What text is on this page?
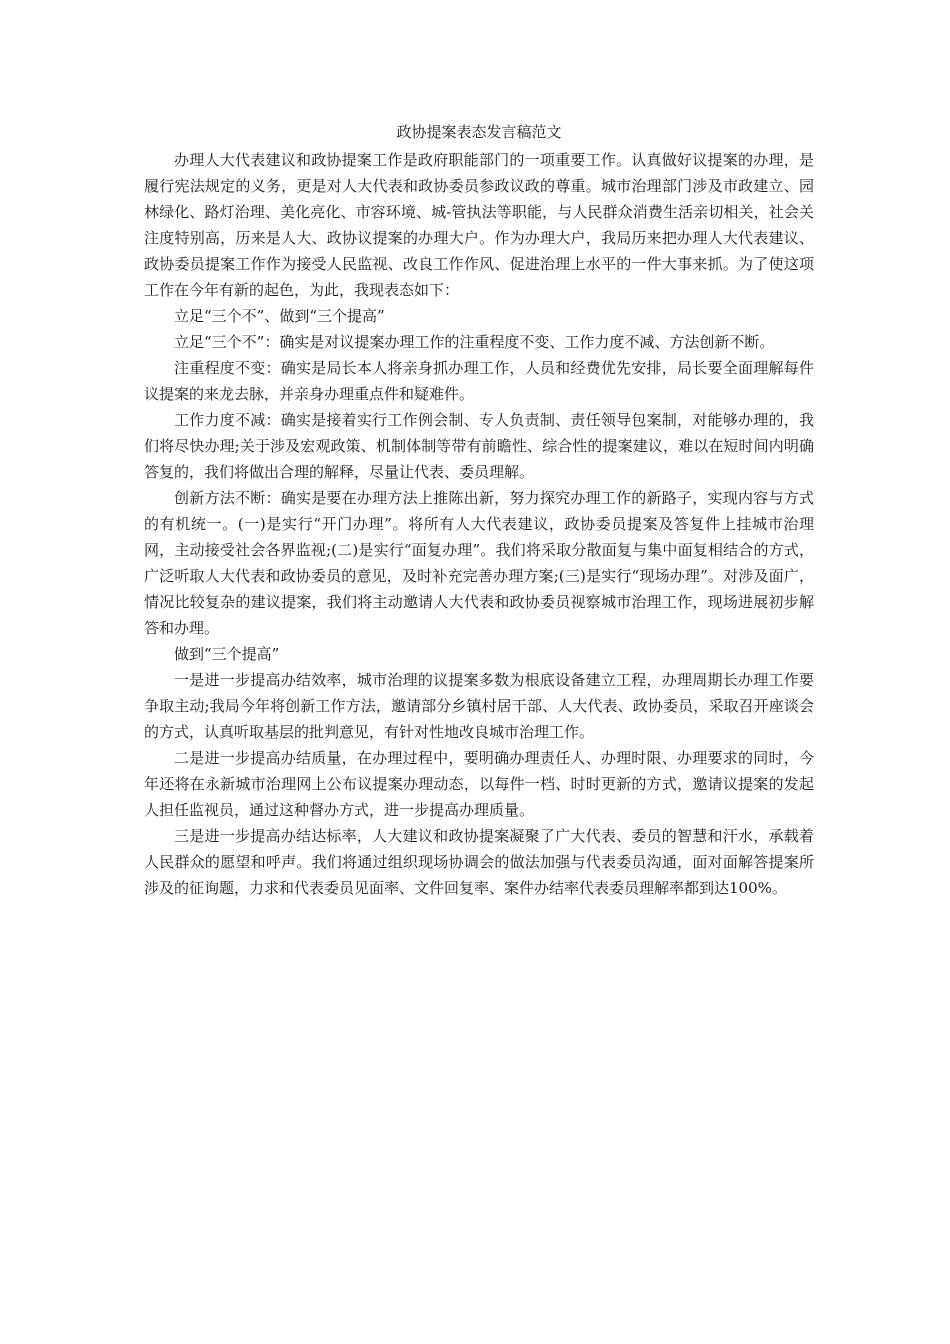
政协提案表态发言稿范文

办理人大代表建议和政协提案工作是政府职能部门的一项重要工作。认真做好议提案的办理，是履行宪法规定的义务，更是对人大代表和政协委员参政议政的尊重。城市治理部门涉及市政建立、园林绿化、路灯治理、美化亮化、市容环境、城-管执法等职能，与人民群众消费生活亲切相关，社会关注度特别高，历来是人大、政协议提案的办理大户。作为办理大户，我局历来把办理人大代表建议、政协委员提案工作作为接受人民监视、改良工作作风、促进治理上水平的一件大事来抓。为了使这项工作在今年有新的起色，为此，我现表态如下：

立足“三个不”、做到“三个提高”

立足“三个不”：确实是对议提案办理工作的注重程度不变、工作力度不减、方法创新不断。

注重程度不变：确实是局长本人将亲身抓办理工作，人员和经费优先安排，局长要全面理解每件议提案的来龙去脉，并亲身办理重点件和疑难件。

工作力度不减：确实是接着实行工作例会制、专人负责制、责任领导包案制，对能够办理的，我们将尽快办理;关于涉及宏观政策、机制体制等带有前瞻性、综合性的提案建议，难以在短时间内明确答复的，我们将做出合理的解释，尽量让代表、委员理解。

创新方法不断：确实是要在办理方法上推陈出新，努力探究办理工作的新路子，实现内容与方式的有机统一。(一)是实行“开门办理”。将所有人大代表建议，政协委员提案及答复件上挂城市治理网，主动接受社会各界监视;(二)是实行“面复办理”。我们将采取分散面复与集中面复相结合的方式，广泛听取人大代表和政协委员的意见，及时补充完善办理方案;(三)是实行“现场办理”。对涉及面广，情况比较复杂的建议提案，我们将主动邀请人大代表和政协委员视察城市治理工作，现场进展初步解答和办理。

做到“三个提高”

一是进一步提高办结效率，城市治理的议提案多数为根底设备建立工程，办理周期长办理工作要争取主动;我局今年将创新工作方法，邀请部分乡镇村居干部、人大代表、政协委员，采取召开座谈会的方式，认真听取基层的批判意见，有针对性地改良城市治理工作。

二是进一步提高办结质量，在办理过程中，要明确办理责任人、办理时限、办理要求的同时，今年还将在永新城市治理网上公布议提案办理动态，以每件一档、时时更新的方式，邀请议提案的发起人担任监视员，通过这种督办方式，进一步提高办理质量。

三是进一步提高办结达标率，人大建议和政协提案凝聚了广大代表、委员的智慧和汗水，承载着人民群众的愿望和呼声。我们将通过组织现场协调会的做法加强与代表委员沟通，面对面解答提案所涉及的征询题，力求和代表委员见面率、文件回复率、案件办结率代表委员理解率都到达100%。
